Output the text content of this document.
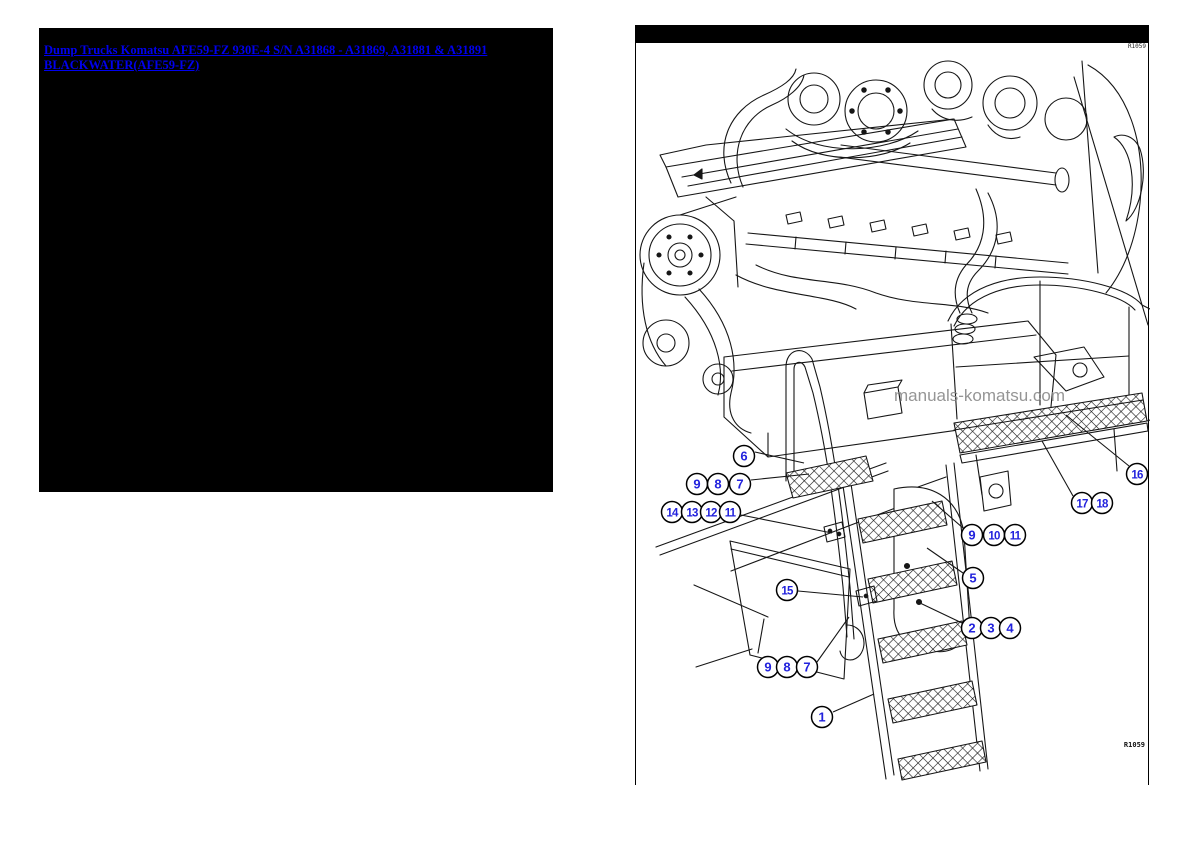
Dump Trucks Komatsu AFE59-FZ 930E-4 S/N A31868 - A31869, A31881 & A31891
BLACKWATER(AFE59-FZ)
manuals-komatsu.com
6
9 8 7
14 13 12 11
15
9 8 7
1
9 10 11
5
2 3 4
16
17 18
R1059
R1059
